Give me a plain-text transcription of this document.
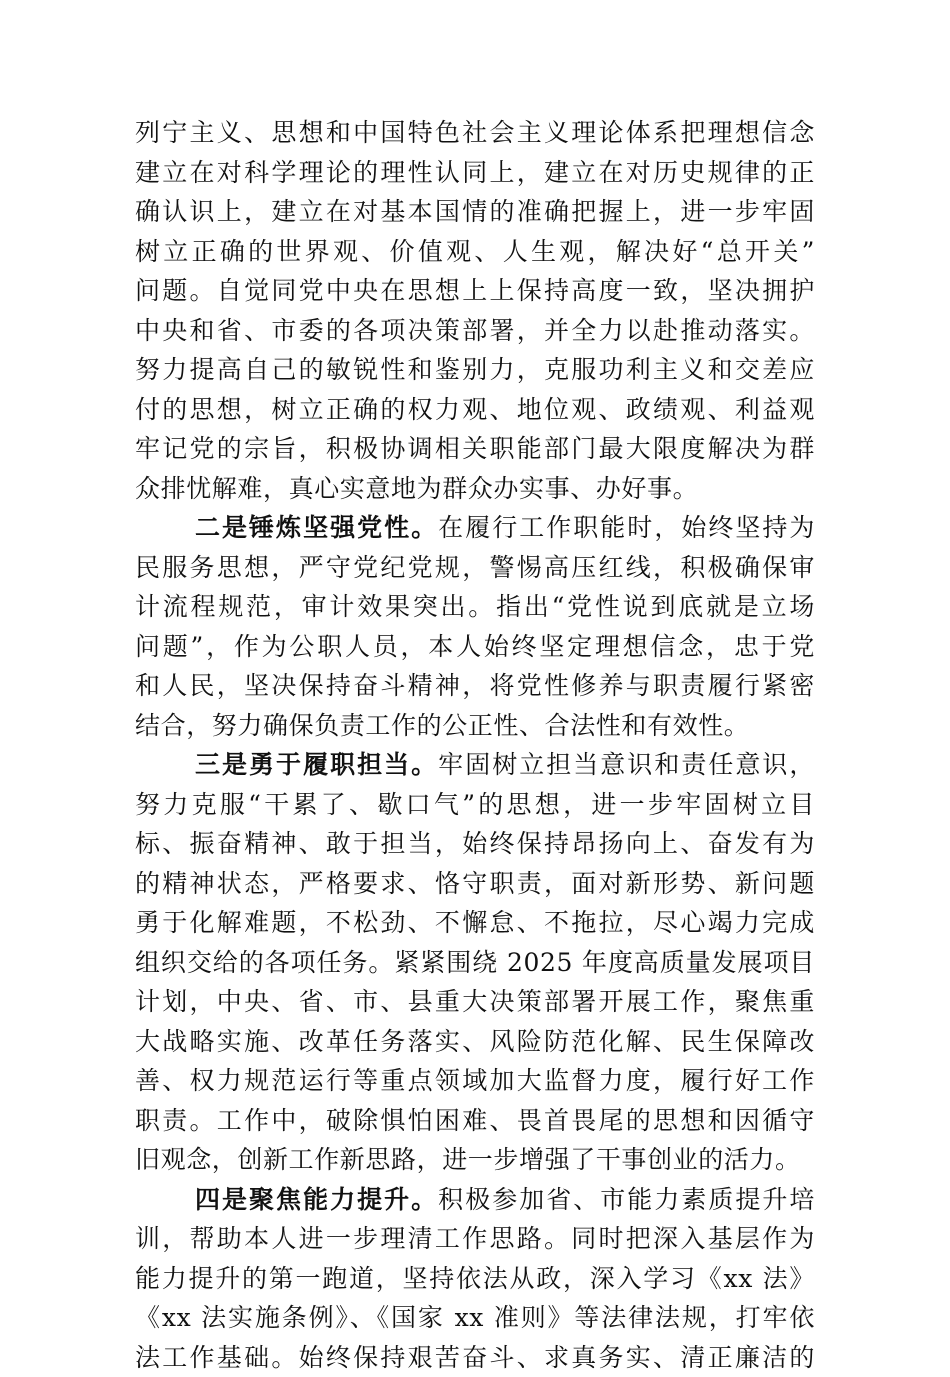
列宁主义、思想和中国特色社会主义理论体系把理想信念
建立在对科学理论的理性认同上，建立在对历史规律的正
确认识上，建立在对基本国情的准确把握上，进一步牢固
树立正确的世界观、价值观、人生观，解决好“总开关”
问题。自觉同党中央在思想上上保持高度一致，坚决拥护
中央和省、市委的各项决策部署，并全力以赴推动落实。
努力提高自己的敏锐性和鉴别力，克服功利主义和交差应
付的思想，树立正确的权力观、地位观、政绩观、利益观
牢记党的宗旨，积极协调相关职能部门最大限度解决为群
众排忧解难，真心实意地为群众办实事、办好事。
二是锤炼坚强党性。在履行工作职能时，始终坚持为
民服务思想，严守党纪党规，警惕高压红线，积极确保审
计流程规范，审计效果突出。指出“党性说到底就是立场
问题”，作为公职人员，本人始终坚定理想信念，忠于党
和人民，坚决保持奋斗精神，将党性修养与职责履行紧密
结合，努力确保负责工作的公正性、合法性和有效性。
三是勇于履职担当。牢固树立担当意识和责任意识，
努力克服“干累了、歇口气”的思想，进一步牢固树立目
标、振奋精神、敢于担当，始终保持昂扬向上、奋发有为
的精神状态，严格要求、恪守职责，面对新形势、新问题
勇于化解难题，不松劲、不懈怠、不拖拉，尽心竭力完成
组织交给的各项任务。紧紧围绕 2025 年度高质量发展项目
计划，中央、省、市、县重大决策部署开展工作，聚焦重
大战略实施、改革任务落实、风险防范化解、民生保障改
善、权力规范运行等重点领域加大监督力度，履行好工作
职责。工作中，破除惧怕困难、畏首畏尾的思想和因循守
旧观念，创新工作新思路，进一步增强了干事创业的活力。
四是聚焦能力提升。积极参加省、市能力素质提升培
训，帮助本人进一步理清工作思路。同时把深入基层作为
能力提升的第一跑道，坚持依法从政，深入学习《xx 法》
《xx 法实施条例》、《国家 xx 准则》等法律法规，打牢依
法工作基础。始终保持艰苦奋斗、求真务实、清正廉洁的
